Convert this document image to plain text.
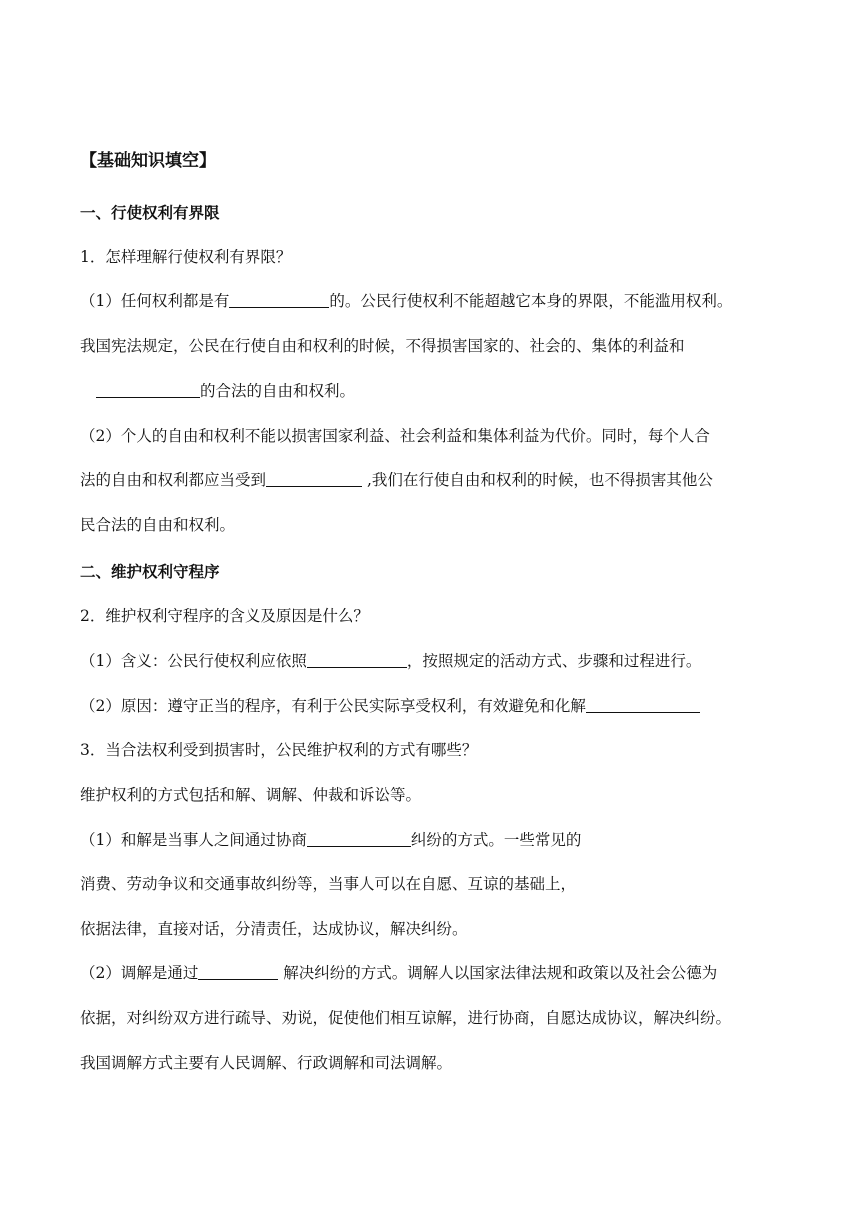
【基础知识填空】
一、行使权利有界限
1．怎样理解行使权利有界限？
（1）任何权利都是有	的。公民行使权利不能超越它本身的界限，不能滥用权利。
我国宪法规定，公民在行使自由和权利的时候，不得损害国家的、社会的、集体的利益和
的合法的自由和权利。
（2）个人的自由和权利不能以损害国家利益、社会利益和集体利益为代价。同时，每个人合
法的自由和权利都应当受到	,我们在行使自由和权利的时候，也不得损害其他公
民合法的自由和权利。
二、维护权利守程序
2．维护权利守程序的含义及原因是什么？
（1）含义：公民行使权利应依照	，按照规定的活动方式、步骤和过程进行。
（2）原因：遵守正当的程序，有利于公民实际享受权利，有效避免和化解
3．当合法权利受到损害时，公民维护权利的方式有哪些？
维护权利的方式包括和解、调解、仲裁和诉讼等。
（1）和解是当事人之间通过协商	纠纷的方式。一些常见的
消费、劳动争议和交通事故纠纷等，当事人可以在自愿、互谅的基础上，
依据法律，直接对话，分清责任，达成协议，解决纠纷。
（2）调解是通过	解决纠纷的方式。调解人以国家法律法规和政策以及社会公德为
依据，对纠纷双方进行疏导、劝说，促使他们相互谅解，进行协商，自愿达成协议，解决纠纷。
我国调解方式主要有人民调解、行政调解和司法调解。
